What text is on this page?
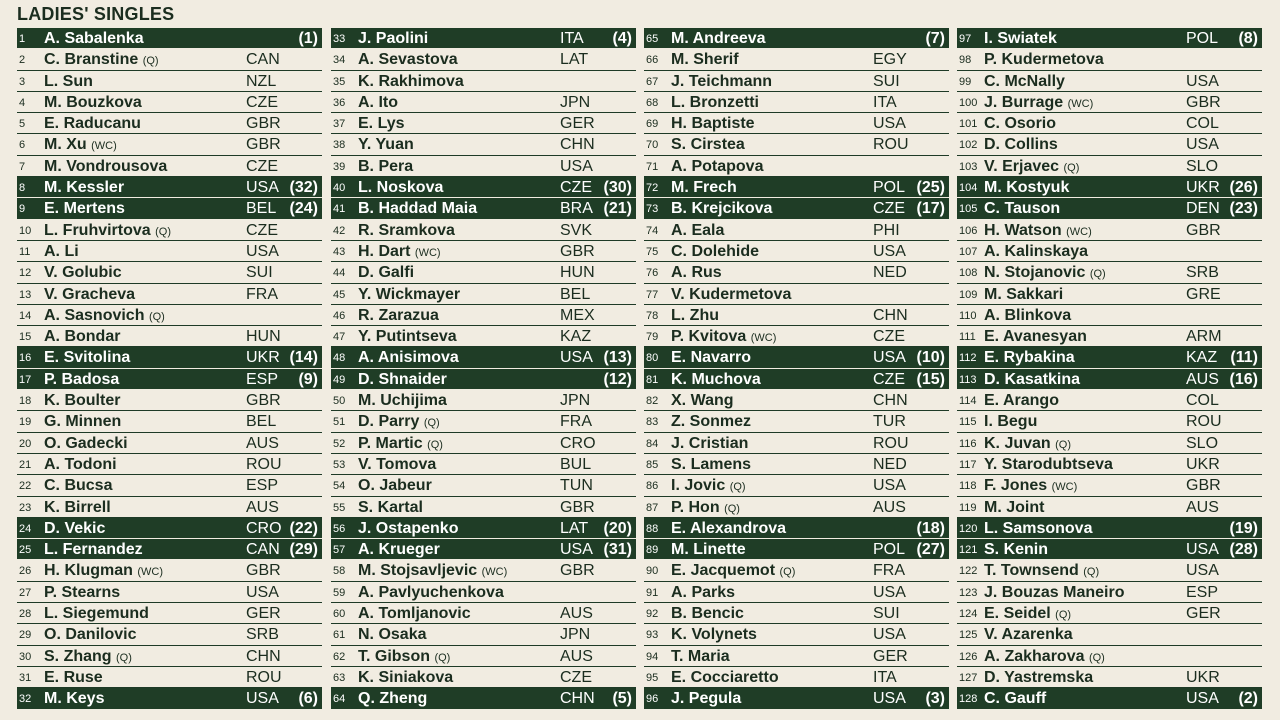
LADIES' SINGLES
1 A. Sabalenka	(1)
2 C. Branstine (Q)	CAN
3 L. Sun	NZL
4 M. Bouzkova	CZE
5 E. Raducanu	GBR
6 M. Xu (WC)	GBR
7 M. Vondrousova	CZE
8 M. Kessler	USA (32)
9 E. Mertens	BEL (24)
10 L. Fruhvirtova (Q)	CZE
11 A. Li	USA
12 V. Golubic	SUI
13 V. Gracheva	FRA
14 A. Sasnovich (Q)
15 A. Bondar	HUN
16 E. Svitolina	UKR (14)
17 P. Badosa	ESP (9)
18 K. Boulter	GBR
19 G. Minnen	BEL
20 O. Gadecki	AUS
21 A. Todoni	ROU
22 C. Bucsa	ESP
23 K. Birrell	AUS
24 D. Vekic	CRO (22)
25 L. Fernandez	CAN (29)
26 H. Klugman (WC)	GBR
27 P. Stearns	USA
28 L. Siegemund	GER
29 O. Danilovic	SRB
30 S. Zhang (Q)	CHN
31 E. Ruse	ROU
32 M. Keys	USA (6)
33 J. Paolini	ITA (4)
34 A. Sevastova	LAT
35 K. Rakhimova
36 A. Ito	JPN
37 E. Lys	GER
38 Y. Yuan	CHN
39 B. Pera	USA
40 L. Noskova	CZE (30)
41 B. Haddad Maia	BRA (21)
42 R. Sramkova	SVK
43 H. Dart (WC)	GBR
44 D. Galfi	HUN
45 Y. Wickmayer	BEL
46 R. Zarazua	MEX
47 Y. Putintseva	KAZ
48 A. Anisimova	USA (13)
49 D. Shnaider	(12)
50 M. Uchijima	JPN
51 D. Parry (Q)	FRA
52 P. Martic (Q)	CRO
53 V. Tomova	BUL
54 O. Jabeur	TUN
55 S. Kartal	GBR
56 J. Ostapenko	LAT (20)
57 A. Krueger	USA (31)
58 M. Stojsavljevic (WC)	GBR
59 A. Pavlyuchenkova
60 A. Tomljanovic	AUS
61 N. Osaka	JPN
62 T. Gibson (Q)	AUS
63 K. Siniakova	CZE
64 Q. Zheng	CHN (5)
65 M. Andreeva	(7)
66 M. Sherif	EGY
67 J. Teichmann	SUI
68 L. Bronzetti	ITA
69 H. Baptiste	USA
70 S. Cirstea	ROU
71 A. Potapova
72 M. Frech	POL (25)
73 B. Krejcikova	CZE (17)
74 A. Eala	PHI
75 C. Dolehide	USA
76 A. Rus	NED
77 V. Kudermetova
78 L. Zhu	CHN
79 P. Kvitova (WC)	CZE
80 E. Navarro	USA (10)
81 K. Muchova	CZE (15)
82 X. Wang	CHN
83 Z. Sonmez	TUR
84 J. Cristian	ROU
85 S. Lamens	NED
86 I. Jovic (Q)	USA
87 P. Hon (Q)	AUS
88 E. Alexandrova	(18)
89 M. Linette	POL (27)
90 E. Jacquemot (Q)	FRA
91 A. Parks	USA
92 B. Bencic	SUI
93 K. Volynets	USA
94 T. Maria	GER
95 E. Cocciaretto	ITA
96 J. Pegula	USA (3)
97 I. Swiatek	POL (8)
98 P. Kudermetova
99 C. McNally	USA
100 J. Burrage (WC)	GBR
101 C. Osorio	COL
102 D. Collins	USA
103 V. Erjavec (Q)	SLO
104 M. Kostyuk	UKR (26)
105 C. Tauson	DEN (23)
106 H. Watson (WC)	GBR
107 A. Kalinskaya
108 N. Stojanovic (Q)	SRB
109 M. Sakkari	GRE
110 A. Blinkova
111 E. Avanesyan	ARM
112 E. Rybakina	KAZ (11)
113 D. Kasatkina	AUS (16)
114 E. Arango	COL
115 I. Begu	ROU
116 K. Juvan (Q)	SLO
117 Y. Starodubtseva	UKR
118 F. Jones (WC)	GBR
119 M. Joint	AUS
120 L. Samsonova	(19)
121 S. Kenin	USA (28)
122 T. Townsend (Q)	USA
123 J. Bouzas Maneiro	ESP
124 E. Seidel (Q)	GER
125 V. Azarenka
126 A. Zakharova (Q)
127 D. Yastremska	UKR
128 C. Gauff	USA (2)
